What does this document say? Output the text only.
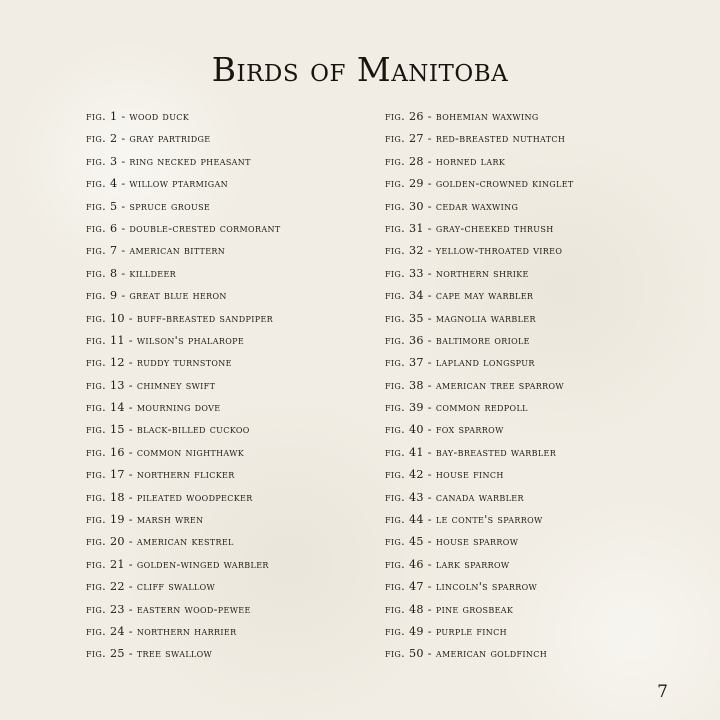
Birds of Manitoba
fig. 1 - wood duck
fig. 2 - gray partridge
fig. 3 - ring necked pheasant
fig. 4 - willow ptarmigan
fig. 5 - spruce grouse
fig. 6 - double-crested cormorant
fig. 7 - american bittern
fig. 8 - killdeer
fig. 9 - great blue heron
fig. 10 - buff-breasted sandpiper
fig. 11 - wilson's phalarope
fig. 12 - ruddy turnstone
fig. 13 - chimney swift
fig. 14 - mourning dove
fig. 15 - black-billed cuckoo
fig. 16 - common nighthawk
fig. 17 - northern flicker
fig. 18 - pileated woodpecker
fig. 19 - marsh wren
fig. 20 - american kestrel
fig. 21 - golden-winged warbler
fig. 22 - cliff swallow
fig. 23 - eastern wood-pewee
fig. 24 - northern harrier
fig. 25 - tree swallow
fig. 26 - bohemian waxwing
fig. 27 - red-breasted nuthatch
fig. 28 - horned lark
fig. 29 - golden-crowned kinglet
fig. 30 - cedar waxwing
fig. 31 - gray-cheeked thrush
fig. 32 - yellow-throated vireo
fig. 33 - northern shrike
fig. 34 - cape may warbler
fig. 35 - magnolia warbler
fig. 36 - baltimore oriole
fig. 37 - lapland longspur
fig. 38 - american tree sparrow
fig. 39 - common redpoll
fig. 40 - fox sparrow
fig. 41 - bay-breasted warbler
fig. 42 - house finch
fig. 43 - canada warbler
fig. 44 - le conte's sparrow
fig. 45 - house sparrow
fig. 46 - lark sparrow
fig. 47 - lincoln's sparrow
fig. 48 - pine grosbeak
fig. 49 - purple finch
fig. 50 - american goldfinch
7
